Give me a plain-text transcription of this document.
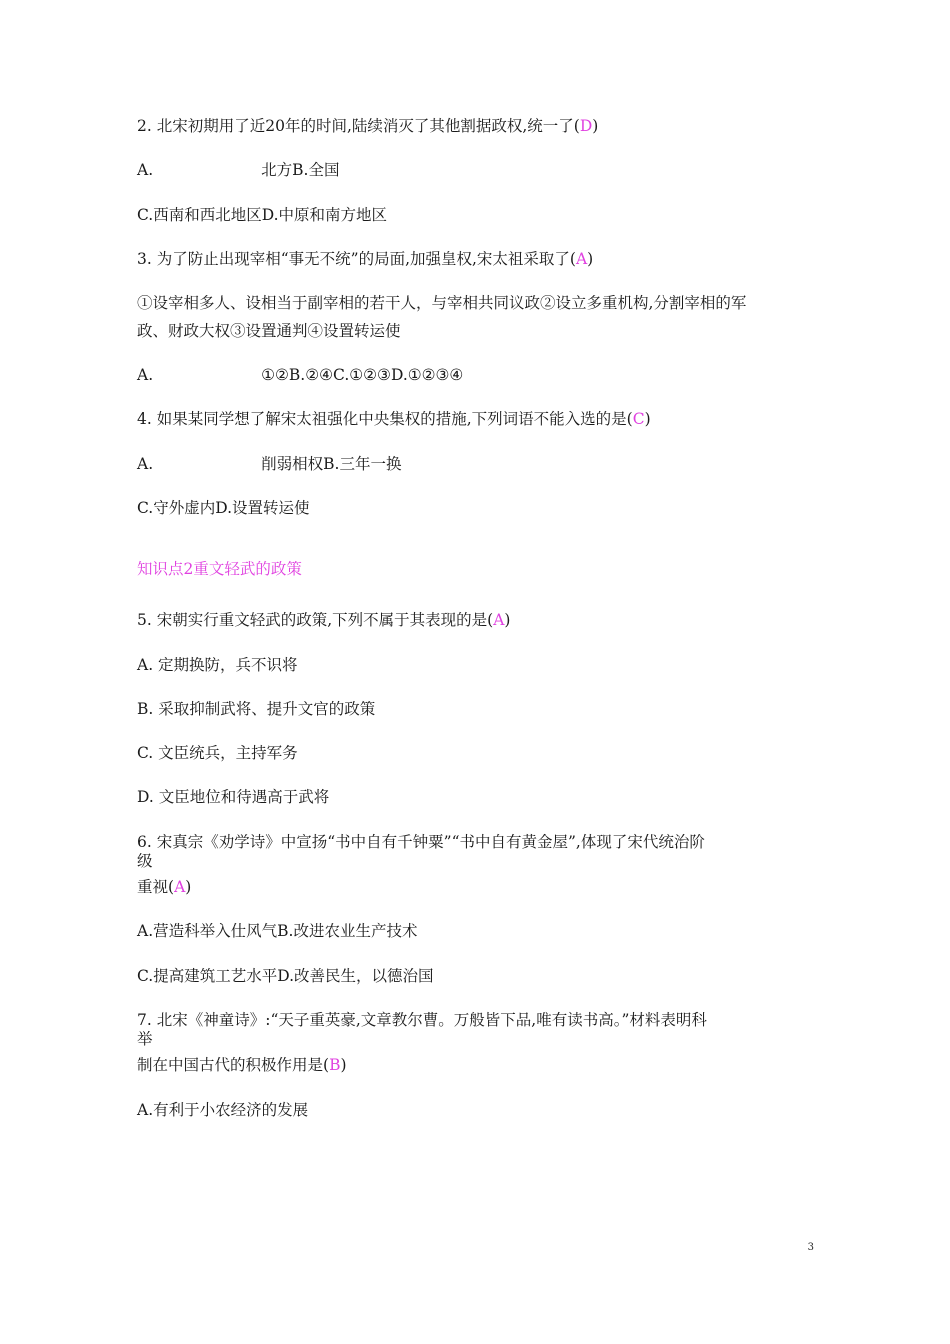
2. 北宋初期用了近20年的时间,陆续消灭了其他割据政权,统一了(D)
A.	北方B.全国
C.西南和西北地区D.中原和南方地区
3. 为了防止出现宰相“事无不统”的局面,加强皇权,宋太祖采取了(A)
①设宰相多人、设相当于副宰相的若干人，与宰相共同议政②设立多重机构,分割宰相的军
政、财政大权③设置通判④设置转运使
A.	①②B.②④C.①②③D.①②③④
4. 如果某同学想了解宋太祖强化中央集权的措施,下列词语不能入选的是(C)
A.	削弱相权B.三年一换
C.守外虚内D.设置转运使
知识点2重文轻武的政策
5. 宋朝实行重文轻武的政策,下列不属于其表现的是(A)
A. 定期换防，兵不识将
B. 采取抑制武将、提升文官的政策
C. 文臣统兵，主持军务
D. 文臣地位和待遇高于武将
6. 宋真宗《劝学诗》中宣扬“书中自有千钟粟”“书中自有黄金屋”,体现了宋代统治阶
级
重视(A)
A.营造科举入仕风气B.改进农业生产技术
C.提高建筑工艺水平D.改善民生，以德治国
7. 北宋《神童诗》:“天子重英豪,文章教尔曹。万般皆下品,唯有读书高。”材料表明科
举
制在中国古代的积极作用是(B)
A.有利于小农经济的发展
3
